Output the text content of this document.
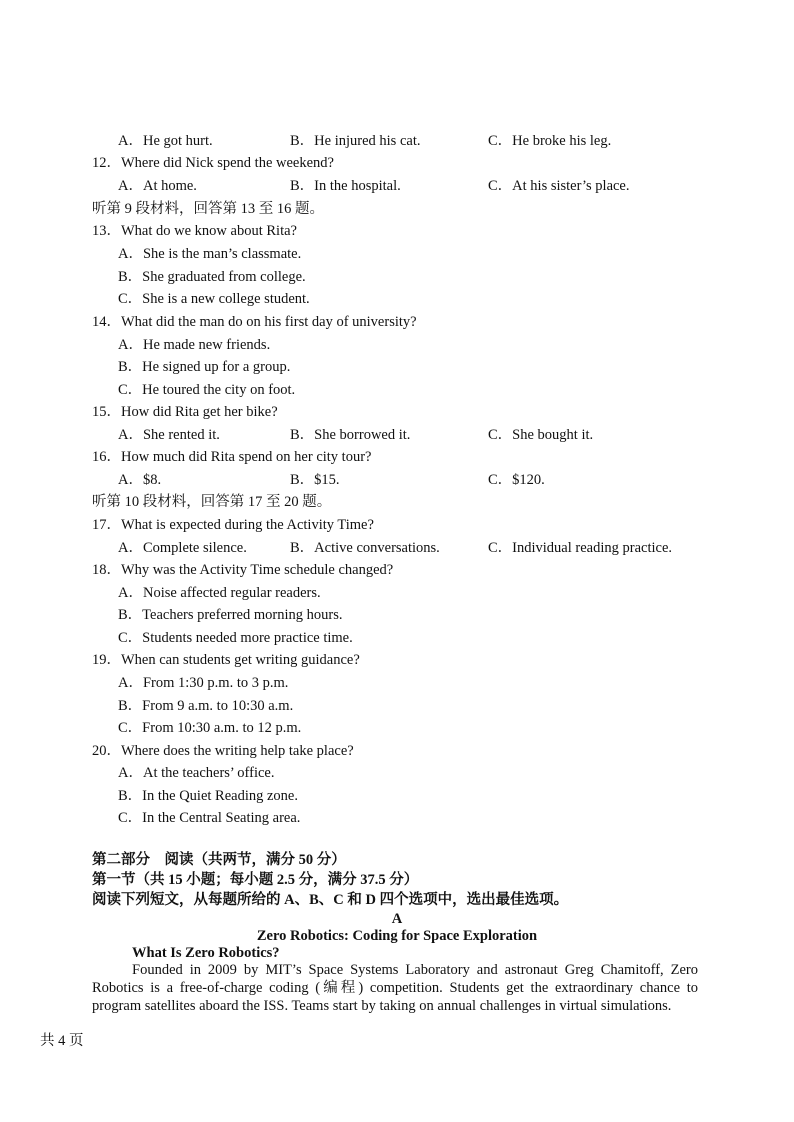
A．He got hurt.	B．He injured his cat.	C．He broke his leg.
12．Where did Nick spend the weekend?
A．At home.	B．In the hospital.	C．At his sister’s place.
听第 9 段材料，回答第 13 至 16 题。
13．What do we know about Rita?
A．She is the man’s classmate.
B．She graduated from college.
C．She is a new college student.
14．What did the man do on his first day of university?
A．He made new friends.
B．He signed up for a group.
C．He toured the city on foot.
15．How did Rita get her bike?
A．She rented it.	B．She borrowed it.	C．She bought it.
16．How much did Rita spend on her city tour?
A．$8.	B．$15.	C．$120.
听第 10 段材料，回答第 17 至 20 题。
17．What is expected during the Activity Time?
A．Complete silence.	B．Active conversations.	C．Individual reading practice.
18．Why was the Activity Time schedule changed?
A．Noise affected regular readers.
B．Teachers preferred morning hours.
C．Students needed more practice time.
19．When can students get writing guidance?
A．From 1:30 p.m. to 3 p.m.
B．From 9 a.m. to 10:30 a.m.
C．From 10:30 a.m. to 12 p.m.
20．Where does the writing help take place?
A．At the teachers’ office.
B．In the Quiet Reading zone.
C．In the Central Seating area.
第二部分　阅读（共两节，满分 50 分）
第一节（共 15 小题；每小题 2.5 分，满分 37.5 分）
阅读下列短文，从每题所给的 A、B、C 和 D 四个选项中，选出最佳选项。
A
Zero Robotics: Coding for Space Exploration
What Is Zero Robotics?
Founded in 2009 by MIT’s Space Systems Laboratory and astronaut Greg Chamitoff, Zero Robotics is a free-of-charge coding (编程) competition. Students get the extraordinary chance to program satellites aboard the ISS. Teams start by taking on annual challenges in virtual simulations.
共 4 页
